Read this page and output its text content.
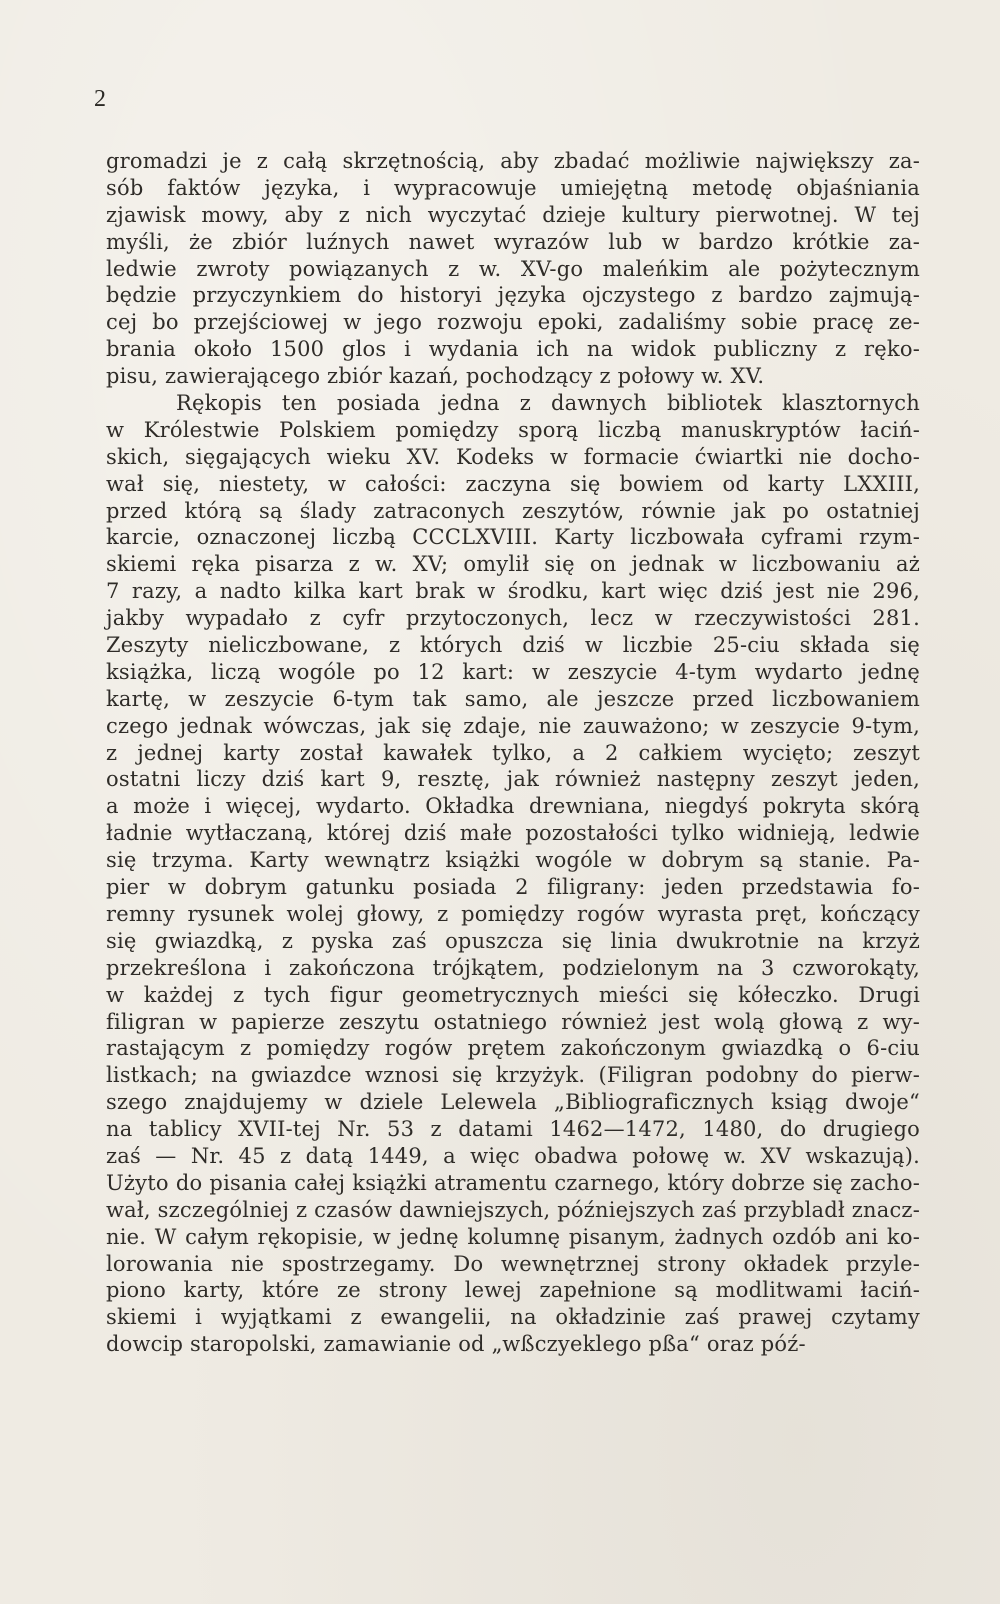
2
gromadzi je z całą skrzętnością, aby zbadać możliwie największy za-
sób faktów języka, i wypracowuje umiejętną metodę objaśniania
zjawisk mowy, aby z nich wyczytać dzieje kultury pierwotnej. W tej
myśli, że zbiór luźnych nawet wyrazów lub w bardzo krótkie za-
ledwie zwroty powiązanych z w. XV-go maleńkim ale pożytecznym
będzie przyczynkiem do historyi języka ojczystego z bardzo zajmują-
cej bo przejściowej w jego rozwoju epoki, zadaliśmy sobie pracę ze-
brania około 1500 glos i wydania ich na widok publiczny z ręko-
pisu, zawierającego zbiór kazań, pochodzący z połowy w. XV.
Rękopis ten posiada jedna z dawnych bibliotek klasztornych
w Królestwie Polskiem pomiędzy sporą liczbą manuskryptów łaciń-
skich, sięgających wieku XV. Kodeks w formacie ćwiartki nie docho-
wał się, niestety, w całości: zaczyna się bowiem od karty LXXIII,
przed którą są ślady zatraconych zeszytów, równie jak po ostatniej
karcie, oznaczonej liczbą CCCLXVIII. Karty liczbowała cyframi rzym-
skiemi ręka pisarza z w. XV; omylił się on jednak w liczbowaniu aż
7 razy, a nadto kilka kart brak w środku, kart więc dziś jest nie 296,
jakby wypadało z cyfr przytoczonych, lecz w rzeczywistości 281.
Zeszyty nieliczbowane, z których dziś w liczbie 25-ciu składa się
książka, liczą wogóle po 12 kart: w zeszycie 4-tym wydarto jednę
kartę, w zeszycie 6-tym tak samo, ale jeszcze przed liczbowaniem
czego jednak wówczas, jak się zdaje, nie zauważono; w zeszycie 9-tym,
z jednej karty został kawałek tylko, a 2 całkiem wycięto; zeszyt
ostatni liczy dziś kart 9, resztę, jak również następny zeszyt jeden,
a może i więcej, wydarto. Okładka drewniana, niegdyś pokryta skórą
ładnie wytłaczaną, której dziś małe pozostałości tylko widnieją, ledwie
się trzyma. Karty wewnątrz książki wogóle w dobrym są stanie. Pa-
pier w dobrym gatunku posiada 2 filigrany: jeden przedstawia fo-
remny rysunek wolej głowy, z pomiędzy rogów wyrasta pręt, kończący
się gwiazdką, z pyska zaś opuszcza się linia dwukrotnie na krzyż
przekreślona i zakończona trójkątem, podzielonym na 3 czworokąty,
w każdej z tych figur geometrycznych mieści się kółeczko. Drugi
filigran w papierze zeszytu ostatniego również jest wolą głową z wy-
rastającym z pomiędzy rogów prętem zakończonym gwiazdką o 6-ciu
listkach; na gwiazdce wznosi się krzyżyk. (Filigran podobny do pierw-
szego znajdujemy w dziele Lelewela „Bibliograficznych ksiąg dwoje“
na tablicy XVII-tej Nr. 53 z datami 1462—1472, 1480, do drugiego
zaś — Nr. 45 z datą 1449, a więc obadwa połowę w. XV wskazują).
Użyto do pisania całej książki atramentu czarnego, który dobrze się zacho-
wał, szczególniej z czasów dawniejszych, późniejszych zaś przybladł znacz-
nie. W całym rękopisie, w jednę kolumnę pisanym, żadnych ozdób ani ko-
lorowania nie spostrzegamy. Do wewnętrznej strony okładek przyle-
piono karty, które ze strony lewej zapełnione są modlitwami łaciń-
skiemi i wyjątkami z ewangelii, na okładzinie zaś prawej czytamy
dowcip staropolski, zamawianie od „wßczyeklego pßa“ oraz póź-
